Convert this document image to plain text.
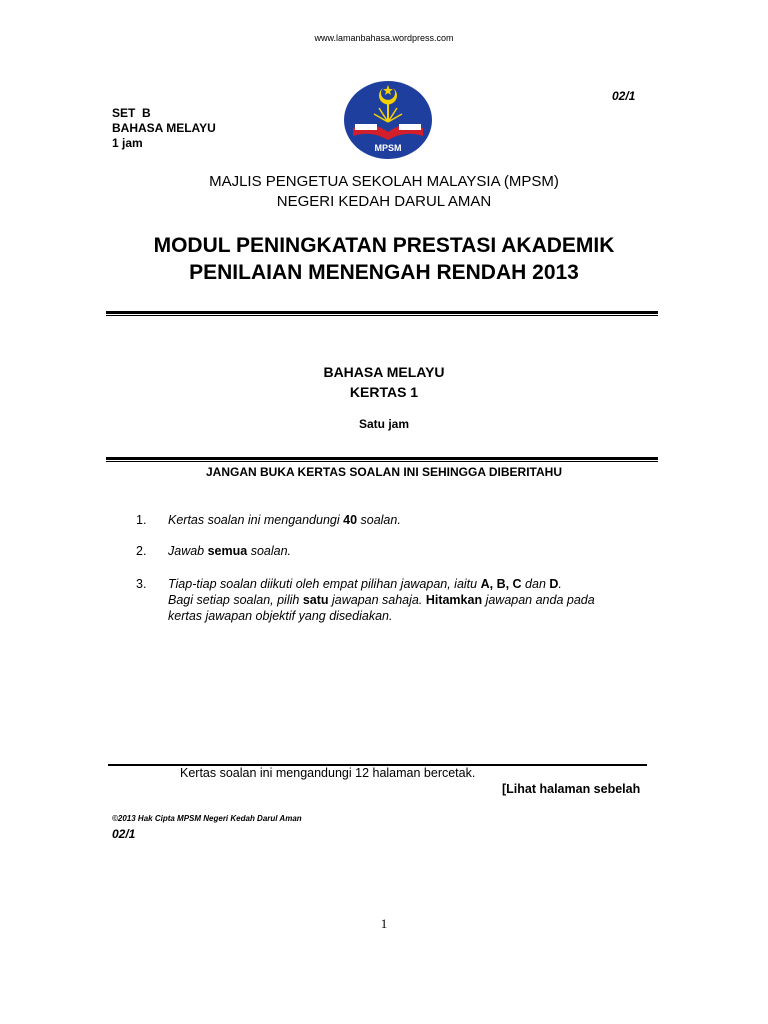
www.lamanbahasa.wordpress.com
02/1
SET  B
BAHASA MELAYU
1 jam	MPSM
MAJLIS PENGETUA SEKOLAH MALAYSIA (MPSM)
NEGERI KEDAH DARUL AMAN
MODUL PENINGKATAN PRESTASI AKADEMIK
PENILAIAN MENENGAH RENDAH 2013
BAHASA MELAYU
KERTAS 1
Satu jam
JANGAN BUKA KERTAS SOALAN INI SEHINGGA DIBERITAHU
1. Kertas soalan ini mengandungi 40 soalan.
2. Jawab semua soalan.
3. Tiap-tiap soalan diikuti oleh empat pilihan jawapan, iaitu A, B, C dan D.
Bagi setiap soalan, pilih satu jawapan sahaja. Hitamkan jawapan anda pada
kertas jawapan objektif yang disediakan.
Kertas soalan ini mengandungi 12 halaman bercetak.
[Lihat halaman sebelah
©2013 Hak Cipta MPSM Negeri Kedah Darul Aman
02/1
1
